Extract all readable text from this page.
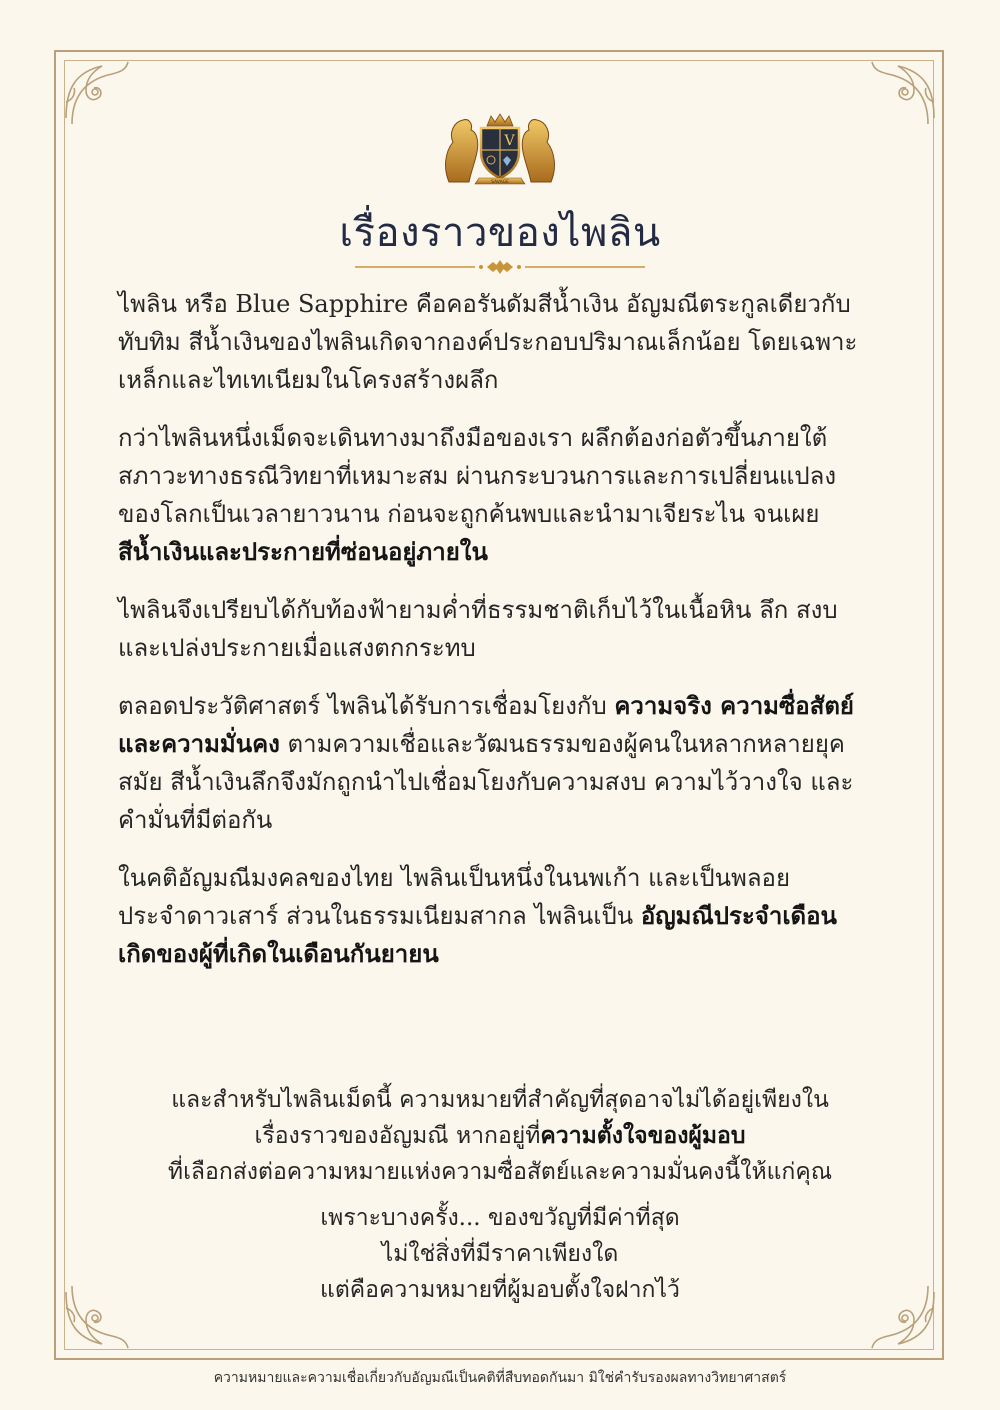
V
SAVAGE
เรื่องราวของไพลิน

ไพลิน หรือ Blue Sapphire คือคอรันดัมสีน้ำเงิน อัญมณีตระกูลเดียวกับทับทิม สีน้ำเงินของไพลินเกิดจากองค์ประกอบปริมาณเล็กน้อย โดยเฉพาะเหล็กและไทเทเนียมในโครงสร้างผลึก

กว่าไพลินหนึ่งเม็ดจะเดินทางมาถึงมือของเรา ผลึกต้องก่อตัวขึ้นภายใต้สภาวะทางธรณีวิทยาที่เหมาะสม ผ่านกระบวนการและการเปลี่ยนแปลงของโลกเป็นเวลายาวนาน ก่อนจะถูกค้นพบและนำมาเจียระไน จนเผย สีน้ำเงินและประกายที่ซ่อนอยู่ภายใน

ไพลินจึงเปรียบได้กับท้องฟ้ายามค่ำที่ธรรมชาติเก็บไว้ในเนื้อหิน ลึก สงบ และเปล่งประกายเมื่อแสงตกกระทบ

ตลอดประวัติศาสตร์ ไพลินได้รับการเชื่อมโยงกับ ความจริง ความซื่อสัตย์ และความมั่นคง ตามความเชื่อและวัฒนธรรมของผู้คนในหลากหลายยุคสมัย สีน้ำเงินลึกจึงมักถูกนำไปเชื่อมโยงกับความสงบ ความไว้วางใจ และคำมั่นที่มีต่อกัน

ในคติอัญมณีมงคลของไทย ไพลินเป็นหนึ่งในนพเก้า และเป็นพลอยประจำดาวเสาร์ ส่วนในธรรมเนียมสากล ไพลินเป็น อัญมณีประจำเดือนเกิดของผู้ที่เกิดในเดือนกันยายน

และสำหรับไพลินเม็ดนี้ ความหมายที่สำคัญที่สุดอาจไม่ได้อยู่เพียงใน
เรื่องราวของอัญมณี หากอยู่ที่ความตั้งใจของผู้มอบ
ที่เลือกส่งต่อความหมายแห่งความซื่อสัตย์และความมั่นคงนี้ให้แก่คุณ
เพราะบางครั้ง... ของขวัญที่มีค่าที่สุด
ไม่ใช่สิ่งที่มีราคาเพียงใด
แต่คือความหมายที่ผู้มอบตั้งใจฝากไว้
ความหมายและความเชื่อเกี่ยวกับอัญมณีเป็นคติที่สืบทอดกันมา มิใช่คำรับรองผลทางวิทยาศาสตร์
